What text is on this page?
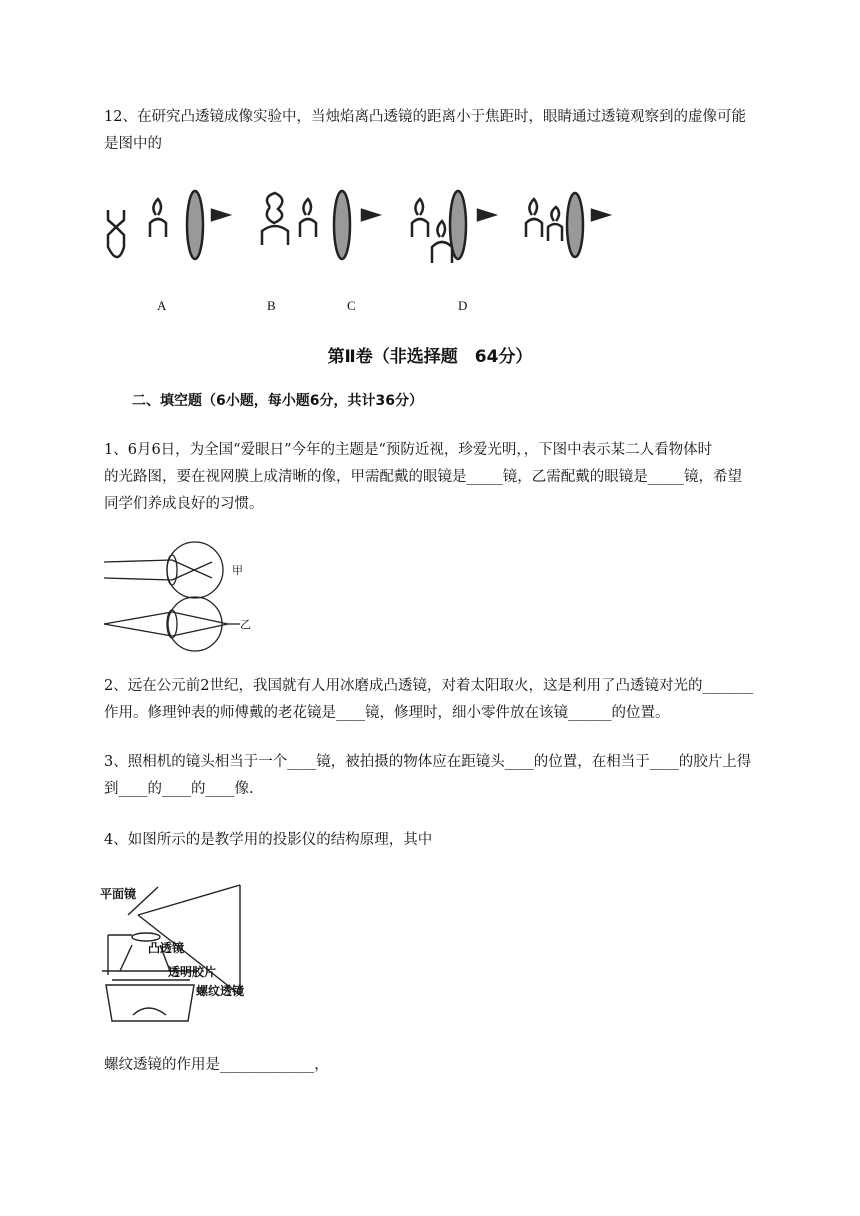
12、在研究凸透镜成像实验中，当烛焰离凸透镜的距离小于焦距时，眼睛通过透镜观察到的虚像可能
是图中的
A	B	C	D
第Ⅱ卷（非选择题　64分）
二、填空题（6小题，每小题6分，共计36分）
1、6月6日，为全国“爱眼日”今年的主题是“预防近视，珍爱光明，，下图中表示某二人看物体时
的光路图，要在视网膜上成清晰的像，甲需配戴的眼镜是_____镜，乙需配戴的眼镜是_____镜，希望
同学们养成良好的习惯。
甲
乙
2、远在公元前2世纪，我国就有人用冰磨成凸透镜，对着太阳取火，这是利用了凸透镜对光的_______
作用。修理钟表的师傅戴的老花镜是____镜，修理时，细小零件放在该镜______的位置。
3、照相机的镜头相当于一个____镜，被拍摄的物体应在距镜头____的位置，在相当于____的胶片上得
到____的____的____像.
4、如图所示的是教学用的投影仪的结构原理，其中
平面镜
凸透镜
透明胶片
螺纹透镜
螺纹透镜的作用是_____________，
